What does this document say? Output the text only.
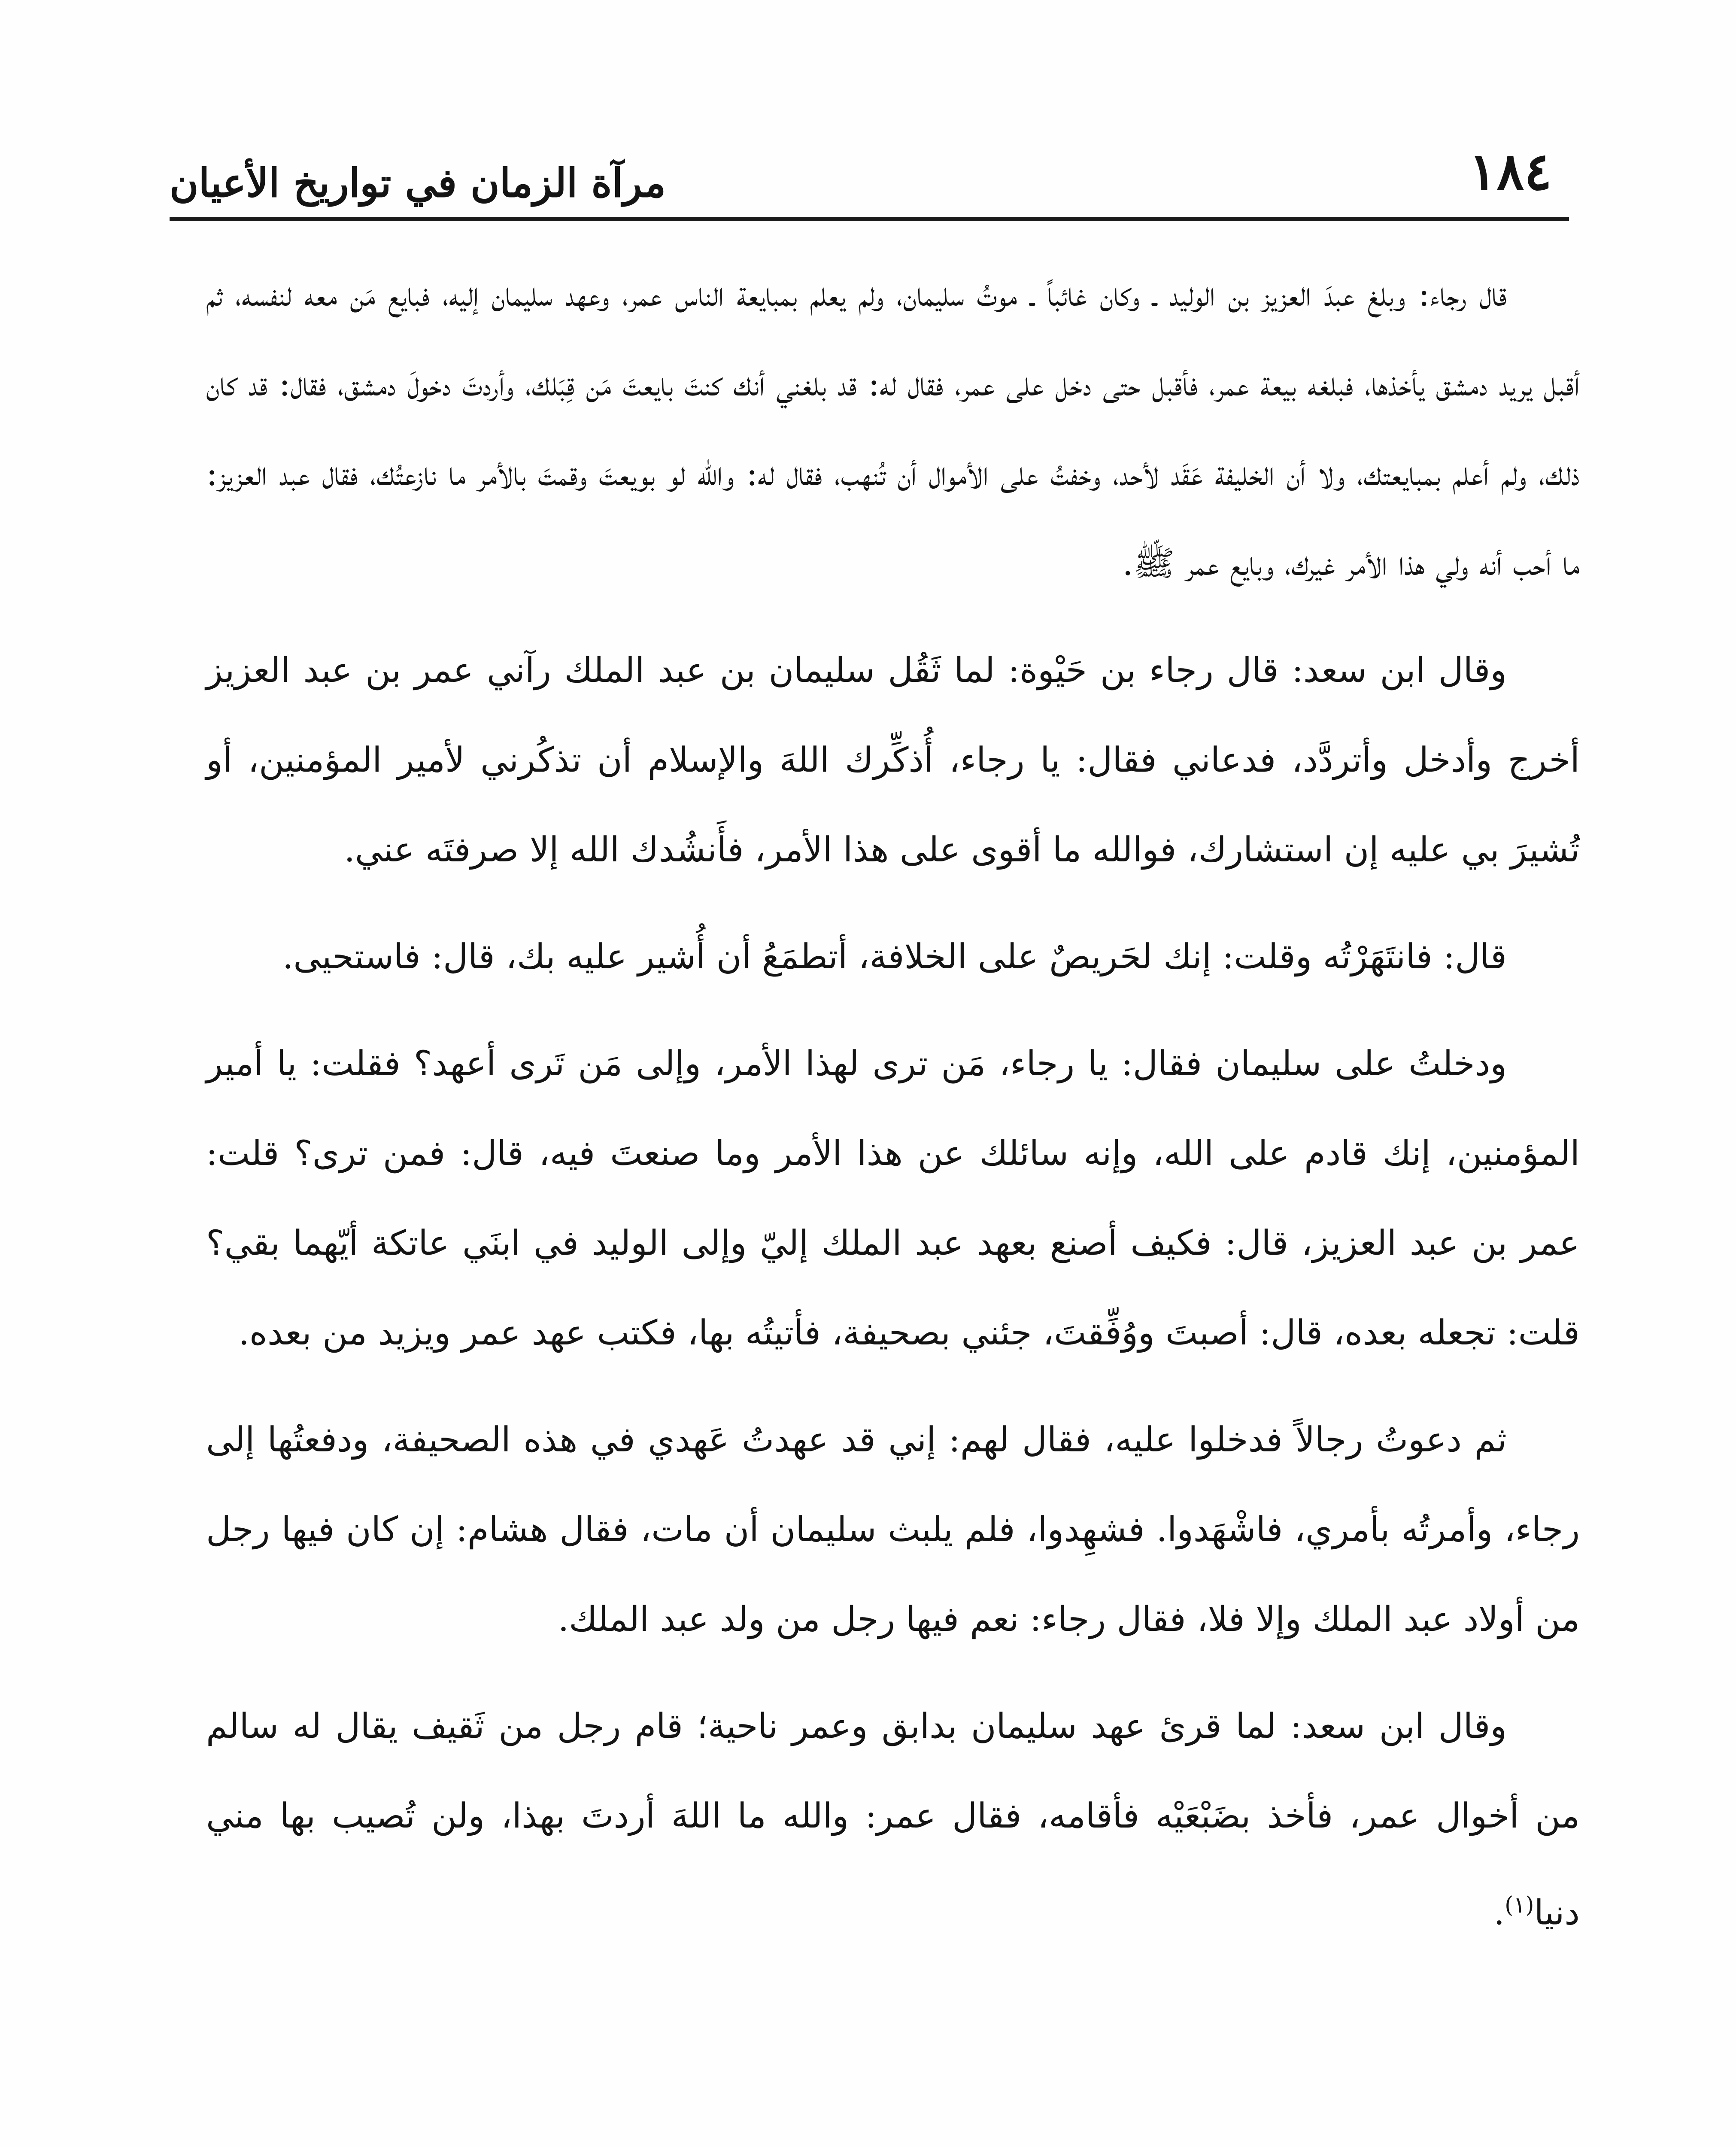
١٨٤
مرآة الزمان في تواريخ الأعيان

قال رجاء: وبلغ عبدَ العزيز بن الوليد ـ وكان غائباً ـ موتُ سليمان، ولم يعلم بمبايعة الناس عمر، وعهد سليمان إليه، فبايع مَن معه لنفسه، ثم أقبل يريد دمشق يأخذها، فبلغه بيعة عمر، فأقبل حتى دخل على عمر، فقال له: قد بلغني أنك كنتَ بايعتَ مَن قِبَلك، وأردتَ دخولَ دمشق، فقال: قد كان ذلك، ولم أعلم بمبايعتك، ولا أن الخليفة عَقَد لأحد، وخفتُ على الأموال أن تُنهب، فقال له: والله لو بويعتَ وقمتَ بالأمر ما نازعتُك، فقال عبد العزيز: ما أحب أنه ولي هذا الأمر غيرك، وبايع عمر ﷺ.

وقال ابن سعد: قال رجاء بن حَيْوة: لما ثَقُل سليمان بن عبد الملك رآني عمر بن عبد العزيز أخرج وأدخل وأتردَّد، فدعاني فقال: يا رجاء، أُذكِّرك اللهَ والإسلام أن تذكُرني لأمير المؤمنين، أو تُشيرَ بي عليه إن استشارك، فوالله ما أقوى على هذا الأمر، فأَنشُدك الله إلا صرفتَه عني.

قال: فانتَهَرْتُه وقلت: إنك لحَريصٌ على الخلافة، أتطمَعُ أن أُشير عليه بك، قال: فاستحيى.

ودخلتُ على سليمان فقال: يا رجاء، مَن ترى لهذا الأمر، وإلى مَن تَرى أعهد؟ فقلت: يا أمير المؤمنين، إنك قادم على الله، وإنه سائلك عن هذا الأمر وما صنعتَ فيه، قال: فمن ترى؟ قلت: عمر بن عبد العزيز، قال: فكيف أصنع بعهد عبد الملك إليّ وإلى الوليد في ابنَي عاتكة أيّهما بقي؟ قلت: تجعله بعده، قال: أصبتَ ووُفِّقتَ، جئني بصحيفة، فأتيتُه بها، فكتب عهد عمر ويزيد من بعده.

ثم دعوتُ رجالاً فدخلوا عليه، فقال لهم: إني قد عهدتُ عَهدي في هذه الصحيفة، ودفعتُها إلى رجاء، وأمرتُه بأمري، فاشْهَدوا. فشهِدوا، فلم يلبث سليمان أن مات، فقال هشام: إن كان فيها رجل من أولاد عبد الملك وإلا فلا، فقال رجاء: نعم فيها رجل من ولد عبد الملك.

وقال ابن سعد: لما قرئ عهد سليمان بدابق وعمر ناحية؛ قام رجل من ثَقيف يقال له سالم من أخوال عمر، فأخذ بضَبْعَيْه فأقامه، فقال عمر: والله ما اللهَ أردتَ بهذا، ولن تُصيب بها مني دنيا$^{(١)}$.
